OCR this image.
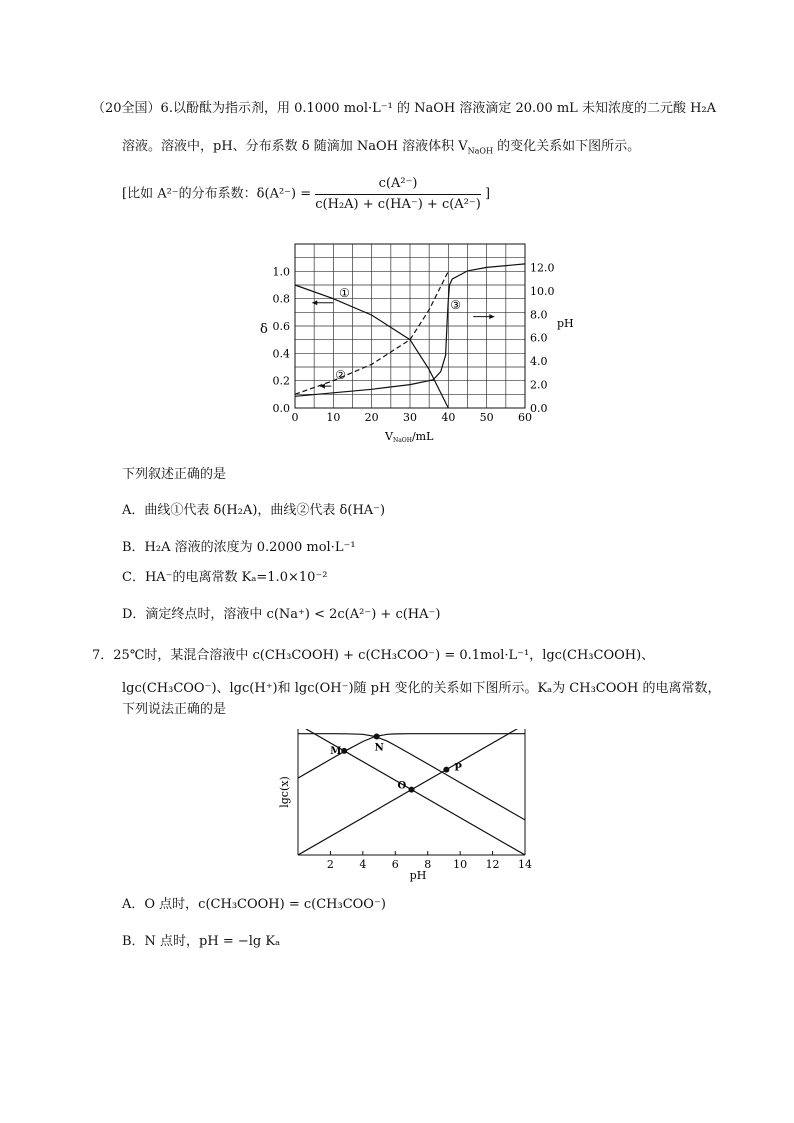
（20全国）6.以酚酞为指示剂，用 0.1000 mol·L⁻¹ 的 NaOH 溶液滴定 20.00 mL 未知浓度的二元酸 H₂A
溶液。溶液中，pH、分布系数 δ 随滴加 NaOH 溶液体积 $V_{NaOH}$ 的变化关系如下图所示。
[比如 A²⁻的分布系数：$\delta(A^{2-}) = \frac{\text{c(A²⁻)}}{\text{c(H₂A) + c(HA⁻) + c(A²⁻)}}$ ]
0	10 20 30 40 50 60
0.0
0.2
0.4
0.6
0.8
1.0
0.0
2.0
4.0
6.0
8.0
10.0
12.0
δ	pH
VNaOH/mL
①
②
③
下列叙述正确的是
A．曲线①代表 δ(H₂A)，曲线②代表 δ(HA⁻)
B．H₂A 溶液的浓度为 0.2000 mol·L⁻¹
C．HA⁻的电离常数 Kₐ=1.0×10⁻²
D．滴定终点时，溶液中 c(Na⁺) < 2c(A²⁻) + c(HA⁻)
7．25℃时，某混合溶液中 c(CH₃COOH) + c(CH₃COO⁻) = 0.1mol·L⁻¹，lgc(CH₃COOH)、
lgc(CH₃COO⁻)、lgc(H⁺)和 lgc(OH⁻)随 pH 变化的关系如下图所示。Kₐ为 CH₃COOH 的电离常数，
下列说法正确的是
2 4 6 8 10 12 14
pH
lgc(x)
M	N
O
P
A．O 点时，c(CH₃COOH) = c(CH₃COO⁻)
B．N 点时，pH = −lg Kₐ
